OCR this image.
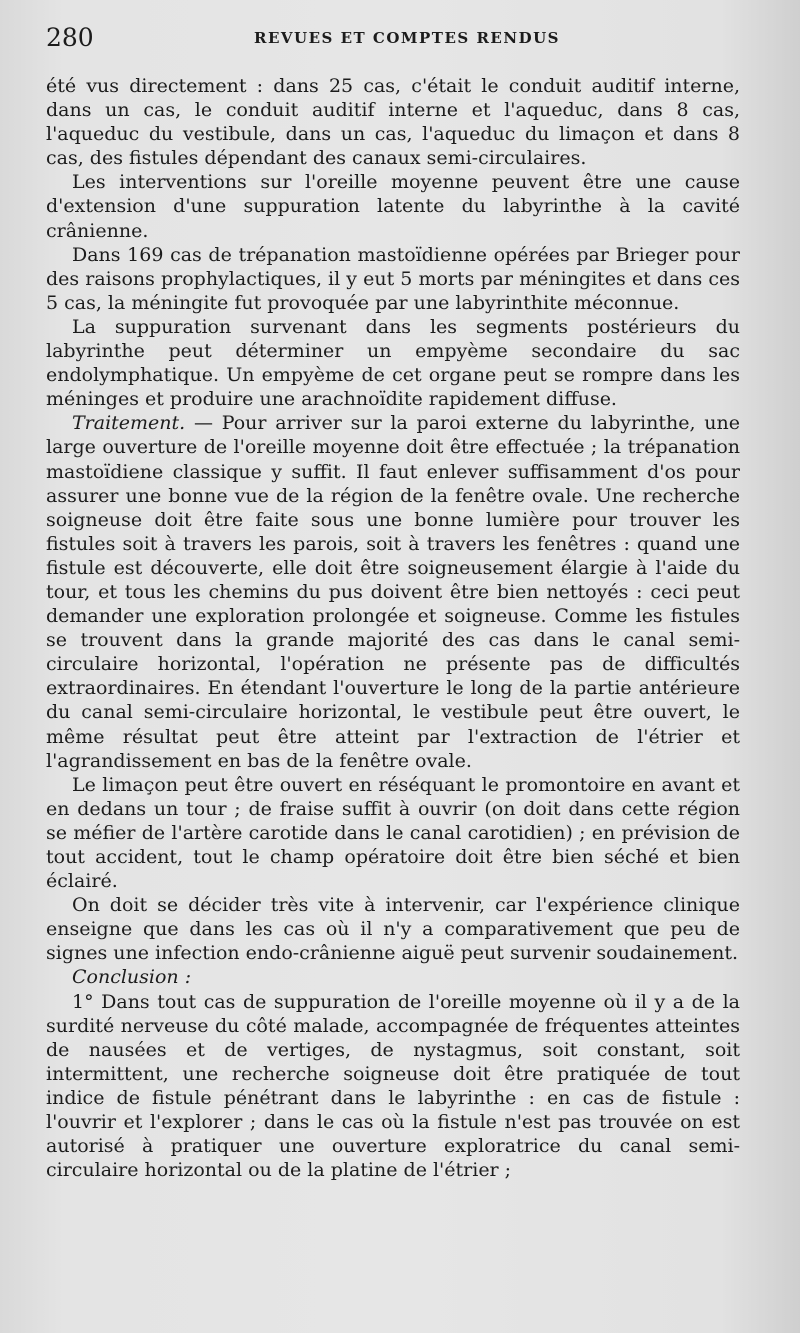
280	REVUES ET COMPTES RENDUS

été vus directement : dans 25 cas, c'était le conduit auditif interne, dans un cas, le conduit auditif interne et l'aqueduc, dans 8 cas, l'aqueduc du vestibule, dans un cas, l'aqueduc du limaçon et dans 8 cas, des fistules dépendant des canaux semi-circulaires.

Les interventions sur l'oreille moyenne peuvent être une cause d'extension d'une suppuration latente du labyrinthe à la cavité crânienne.

Dans 169 cas de trépanation mastoïdienne opérées par Brieger pour des raisons prophylactiques, il y eut 5 morts par méningites et dans ces 5 cas, la méningite fut provoquée par une labyrinthite méconnue.

La suppuration survenant dans les segments postérieurs du labyrinthe peut déterminer un empyème secondaire du sac endolymphatique. Un empyème de cet organe peut se rompre dans les méninges et produire une arachnoïdite rapidement diffuse.

Traitement. — Pour arriver sur la paroi externe du labyrinthe, une large ouverture de l'oreille moyenne doit être effectuée ; la trépanation mastoïdiene classique y suffit. Il faut enlever suffisamment d'os pour assurer une bonne vue de la région de la fenêtre ovale. Une recherche soigneuse doit être faite sous une bonne lumière pour trouver les fistules soit à travers les parois, soit à travers les fenêtres : quand une fistule est découverte, elle doit être soigneusement élargie à l'aide du tour, et tous les chemins du pus doivent être bien nettoyés : ceci peut demander une exploration prolongée et soigneuse. Comme les fistules se trouvent dans la grande majorité des cas dans le canal semi-circulaire horizontal, l'opération ne présente pas de difficultés extraordinaires. En étendant l'ouverture le long de la partie antérieure du canal semi-circulaire horizontal, le vestibule peut être ouvert, le même résultat peut être atteint par l'extraction de l'étrier et l'agrandissement en bas de la fenêtre ovale.

Le limaçon peut être ouvert en réséquant le promontoire en avant et en dedans un tour ; de fraise suffit à ouvrir (on doit dans cette région se méfier de l'artère carotide dans le canal carotidien) ; en prévision de tout accident, tout le champ opératoire doit être bien séché et bien éclairé.

On doit se décider très vite à intervenir, car l'expérience clinique enseigne que dans les cas où il n'y a comparativement que peu de signes une infection endo-crânienne aiguë peut survenir soudainement.

Conclusion :

1° Dans tout cas de suppuration de l'oreille moyenne où il y a de la surdité nerveuse du côté malade, accompagnée de fréquentes atteintes de nausées et de vertiges, de nystagmus, soit constant, soit intermittent, une recherche soigneuse doit être pratiquée de tout indice de fistule pénétrant dans le labyrinthe : en cas de fistule : l'ouvrir et l'explorer ; dans le cas où la fistule n'est pas trouvée on est autorisé à pratiquer une ouverture exploratrice du canal semi-circulaire horizontal ou de la platine de l'étrier ;
